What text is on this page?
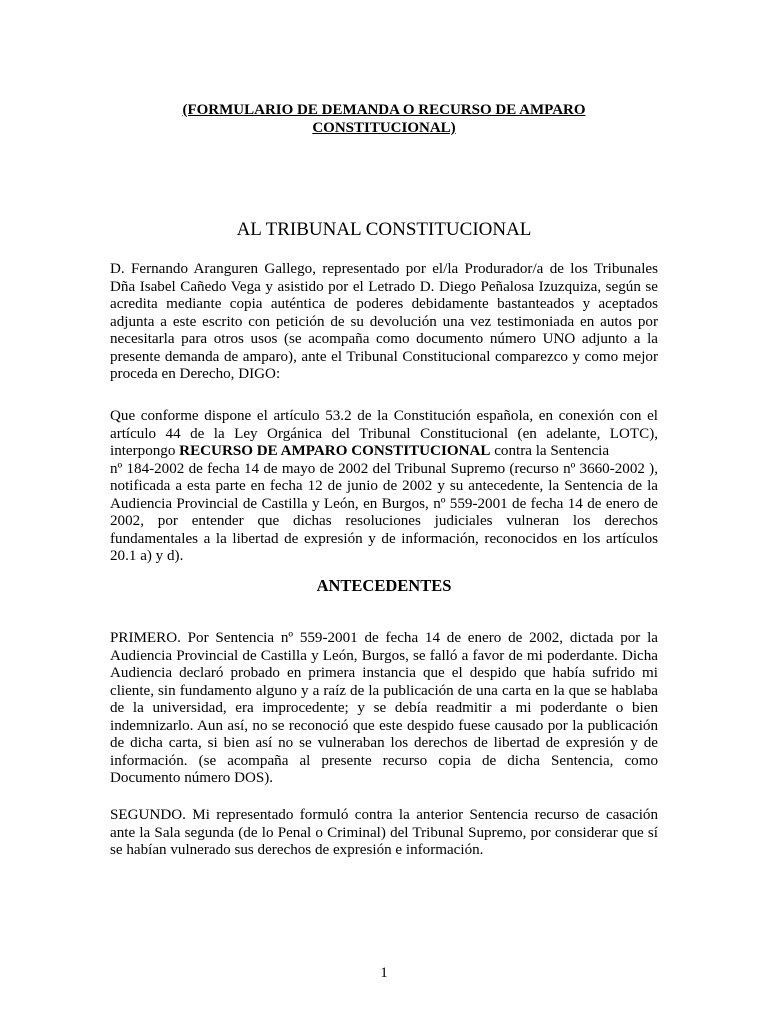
(FORMULARIO DE DEMANDA O RECURSO DE AMPARO
CONSTITUCIONAL)
AL TRIBUNAL CONSTITUCIONAL
D. Fernando Aranguren Gallego, representado por el/la Produrador/a de los Tribunales Dña Isabel Cañedo Vega y asistido por el Letrado D. Diego Peñalosa Izuzquiza, según se acredita mediante copia auténtica de poderes debidamente bastanteados y aceptados adjunta a este escrito con petición de su devolución una vez testimoniada en autos por necesitarla para otros usos (se acompaña como documento número UNO adjunto a la presente demanda de amparo), ante el Tribunal Constitucional comparezco y como mejor proceda en Derecho, DIGO:
Que conforme dispone el artículo 53.2 de la Constitución española, en conexión con el artículo 44 de la Ley Orgánica del Tribunal Constitucional (en adelante, LOTC), interpongo RECURSO DE AMPARO CONSTITUCIONAL contra la Sentencia
nº 184-2002 de fecha 14 de mayo de 2002 del Tribunal Supremo (recurso nº 3660-2002 ), notificada a esta parte en fecha 12 de junio de 2002 y su antecedente, la Sentencia de la Audiencia Provincial de Castilla y León, en Burgos, nº 559-2001 de fecha 14 de enero de 2002, por entender que dichas resoluciones judiciales vulneran los derechos fundamentales a la libertad de expresión y de información, reconocidos en los artículos 20.1 a) y d).
ANTECEDENTES
PRIMERO. Por Sentencia nº 559-2001 de fecha 14 de enero de 2002, dictada por la Audiencia Provincial de Castilla y León, Burgos, se falló a favor de mi poderdante. Dicha Audiencia declaró probado en primera instancia que el despido que había sufrido mi cliente, sin fundamento alguno y a raíz de la publicación de una carta en la que se hablaba de la universidad, era improcedente; y se debía readmitir a mi poderdante o bien indemnizarlo. Aun así, no se reconoció que este despido fuese causado por la publicación de dicha carta, si bien así no se vulneraban los derechos de libertad de expresión y de información. (se acompaña al presente recurso copia de dicha Sentencia, como Documento número DOS).
SEGUNDO. Mi representado formuló contra la anterior Sentencia recurso de casación ante la Sala segunda (de lo Penal o Criminal) del Tribunal Supremo, por considerar que sí se habían vulnerado sus derechos de expresión e información.
1
